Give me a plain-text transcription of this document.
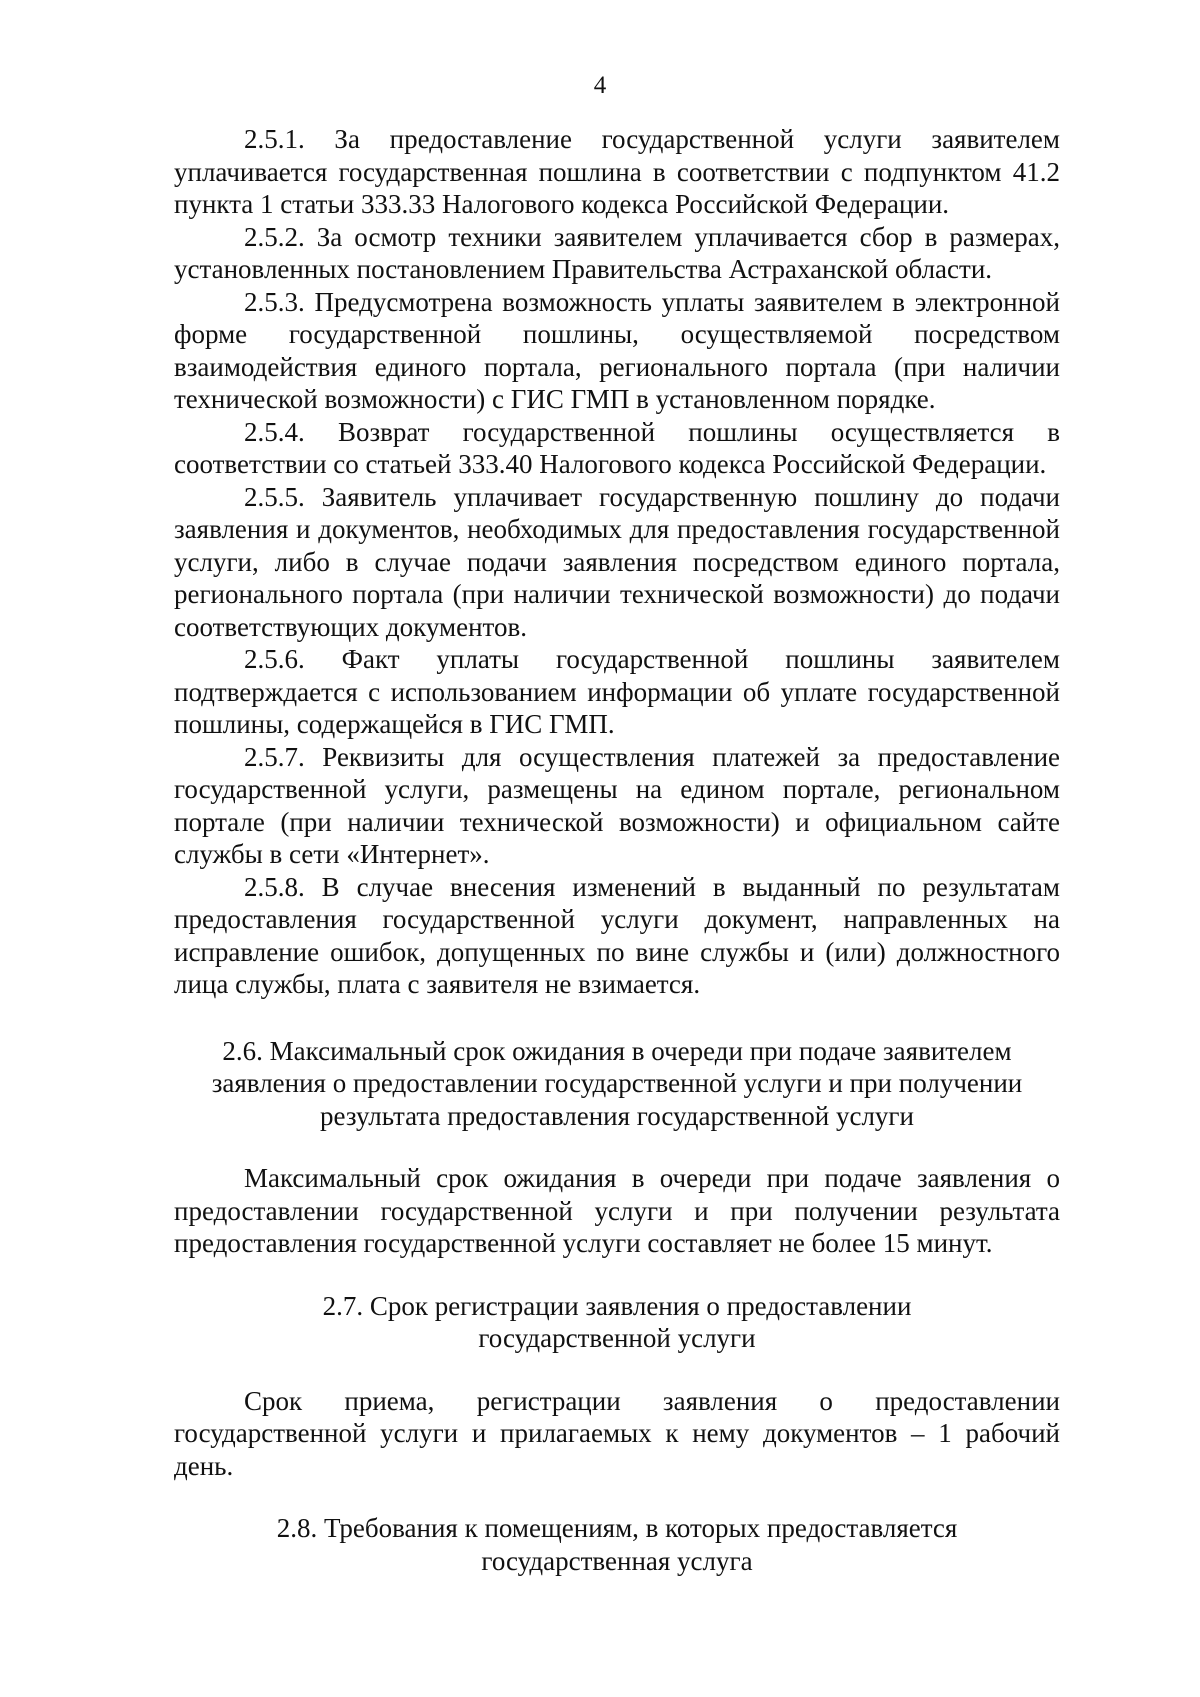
4

2.5.1. За предоставление государственной услуги заявителем уплачивается государственная пошлина в соответствии с подпунктом 41.2 пункта 1 статьи 333.33 Налогового кодекса Российской Федерации.

2.5.2. За осмотр техники заявителем уплачивается сбор в размерах, установленных постановлением Правительства Астраханской области.

2.5.3. Предусмотрена возможность уплаты заявителем в электронной форме государственной пошлины, осуществляемой посредством взаимодействия единого портала, регионального портала (при наличии технической возможности) с ГИС ГМП в установленном порядке.

2.5.4. Возврат государственной пошлины осуществляется в соответствии со статьей 333.40 Налогового кодекса Российской Федерации.

2.5.5. Заявитель уплачивает государственную пошлину до подачи заявления и документов, необходимых для предоставления государственной услуги, либо в случае подачи заявления посредством единого портала, регионального портала (при наличии технической возможности) до подачи соответствующих документов.

2.5.6. Факт уплаты государственной пошлины заявителем подтверждается с использованием информации об уплате государственной пошлины, содержащейся в ГИС ГМП.

2.5.7. Реквизиты для осуществления платежей за предоставление государственной услуги, размещены на едином портале, региональном портале (при наличии технической возможности) и официальном сайте службы в сети «Интернет».

2.5.8. В случае внесения изменений в выданный по результатам предоставления государственной услуги документ, направленных на исправление ошибок, допущенных по вине службы и (или) должностного лица службы, плата с заявителя не взимается.

2.6. Максимальный срок ожидания в очереди при подаче заявителем
заявления о предоставлении государственной услуги и при получении
результата предоставления государственной услуги

Максимальный срок ожидания в очереди при подаче заявления о предоставлении государственной услуги и при получении результата предоставления государственной услуги составляет не более 15 минут.

2.7. Срок регистрации заявления о предоставлении
государственной услуги

Срок приема, регистрации заявления о предоставлении государственной услуги и прилагаемых к нему документов – 1 рабочий день.

2.8. Требования к помещениям, в которых предоставляется
государственная услуга
